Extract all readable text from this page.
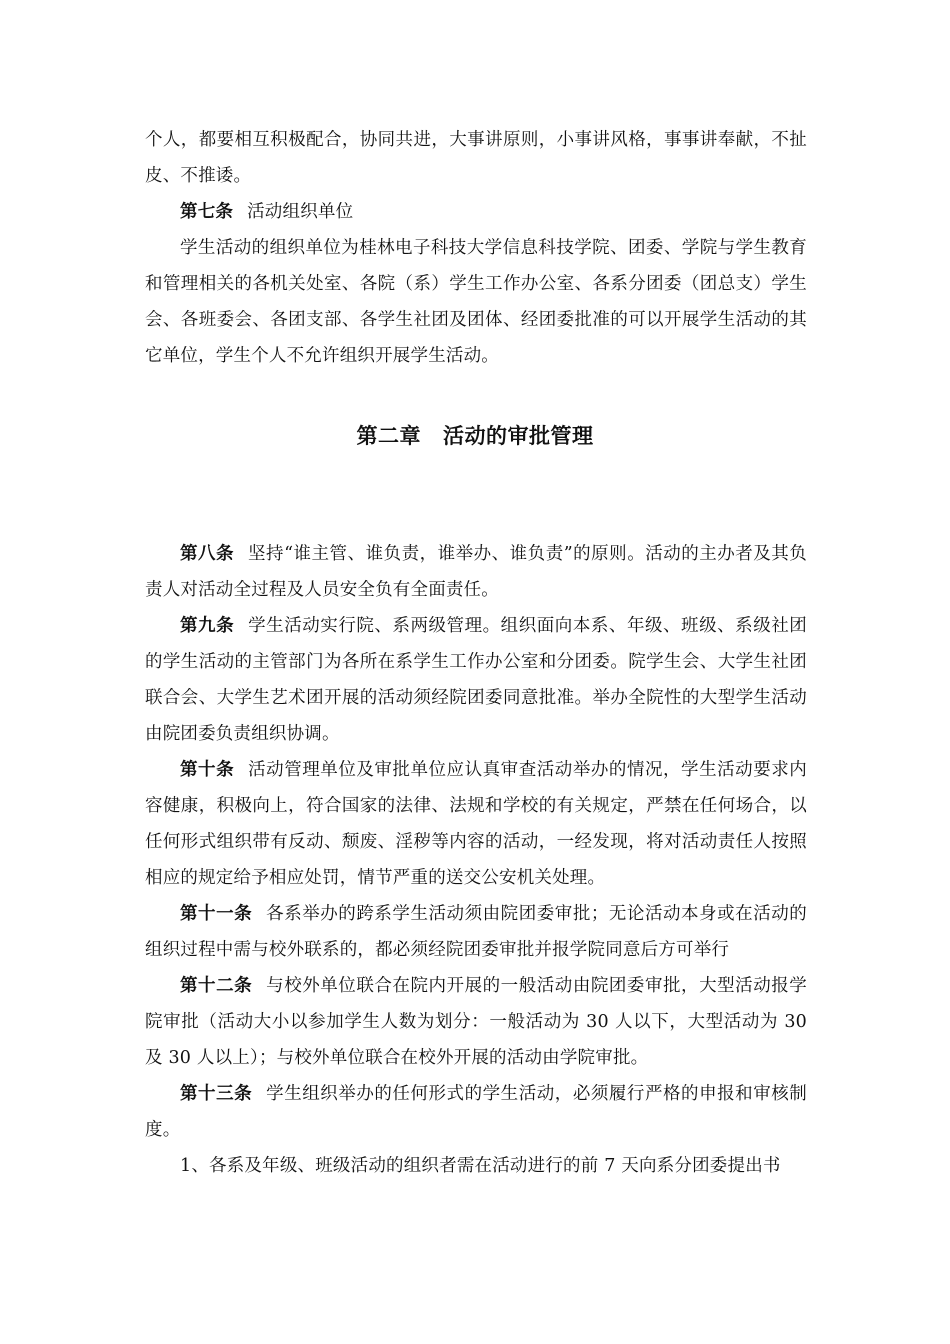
个人，都要相互积极配合，协同共进，大事讲原则，小事讲风格，事事讲奉献，不扯皮、不推诿。

第七条 活动组织单位

学生活动的组织单位为桂林电子科技大学信息科技学院、团委、学院与学生教育和管理相关的各机关处室、各院（系）学生工作办公室、各系分团委（团总支）学生会、各班委会、各团支部、各学生社团及团体、经团委批准的可以开展学生活动的其它单位，学生个人不允许组织开展学生活动。

第二章 活动的审批管理

第八条 坚持“谁主管、谁负责，谁举办、谁负责”的原则。活动的主办者及其负责人对活动全过程及人员安全负有全面责任。

第九条 学生活动实行院、系两级管理。组织面向本系、年级、班级、系级社团的学生活动的主管部门为各所在系学生工作办公室和分团委。院学生会、大学生社团联合会、大学生艺术团开展的活动须经院团委同意批准。举办全院性的大型学生活动由院团委负责组织协调。

第十条 活动管理单位及审批单位应认真审查活动举办的情况，学生活动要求内容健康，积极向上，符合国家的法律、法规和学校的有关规定，严禁在任何场合，以任何形式组织带有反动、颓废、淫秽等内容的活动，一经发现，将对活动责任人按照相应的规定给予相应处罚，情节严重的送交公安机关处理。

第十一条 各系举办的跨系学生活动须由院团委审批；无论活动本身或在活动的组织过程中需与校外联系的，都必须经院团委审批并报学院同意后方可举行

第十二条 与校外单位联合在院内开展的一般活动由院团委审批，大型活动报学院审批（活动大小以参加学生人数为划分：一般活动为 30 人以下，大型活动为 30 及 30 人以上）；与校外单位联合在校外开展的活动由学院审批。

第十三条 学生组织举办的任何形式的学生活动，必须履行严格的申报和审核制度。

1、各系及年级、班级活动的组织者需在活动进行的前 7 天向系分团委提出书
